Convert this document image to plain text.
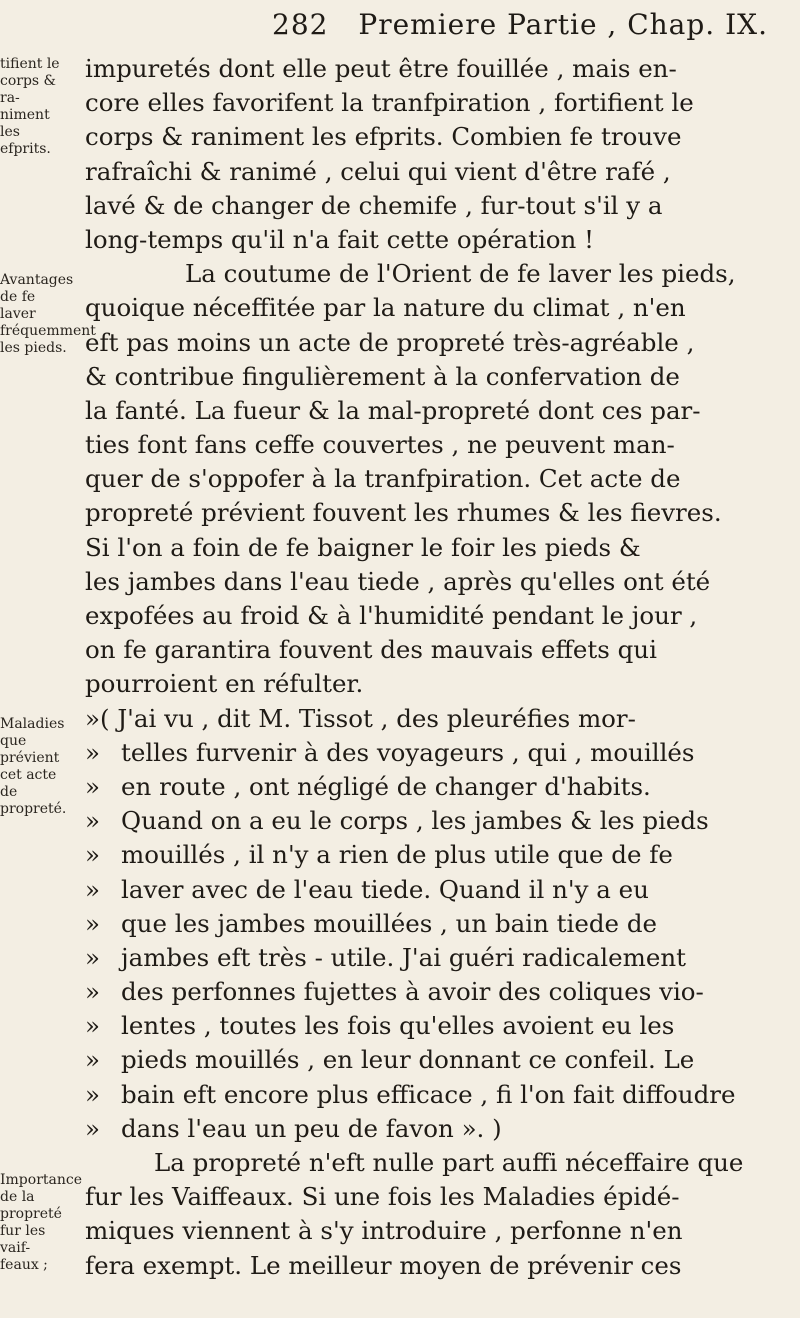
282 Premiere Partie , Chap. IX.
tifient le
corps & ra-
niment les
efprits.
Avantages
de fe laver
fréquemment
les pieds.
Maladies
que prévient
cet acte de
propreté.
Importance
de la propreté
fur les vaif-
feaux ;
impuretés dont elle peut être fouillée , mais en-
core elles favorifent la tranfpiration , fortifient le
corps & raniment les efprits. Combien fe trouve
rafraîchi & ranimé , celui qui vient d'être rafé ,
lavé & de changer de chemife , fur-tout s'il y a
long-temps qu'il n'a fait cette opération !
La coutume de l'Orient de fe laver les pieds,
quoique néceffitée par la nature du climat , n'en
eft pas moins un acte de propreté très-agréable ,
& contribue fingulièrement à la confervation de
la fanté. La fueur & la mal-propreté dont ces par-
ties font fans ceffe couvertes , ne peuvent man-
quer de s'oppofer à la tranfpiration. Cet acte de
propreté prévient fouvent les rhumes & les fievres.
Si l'on a foin de fe baigner le foir les pieds &
les jambes dans l'eau tiede , après qu'elles ont été
expofées au froid & à l'humidité pendant le jour ,
on fe garantira fouvent des mauvais effets qui
pourroient en réfulter.
»( J'ai vu , dit M. Tissot , des pleuréfies mor-
» telles furvenir à des voyageurs , qui , mouillés
» en route , ont négligé de changer d'habits.
» Quand on a eu le corps , les jambes & les pieds
» mouillés , il n'y a rien de plus utile que de fe
» laver avec de l'eau tiede. Quand il n'y a eu
» que les jambes mouillées , un bain tiede de
» jambes eft très - utile. J'ai guéri radicalement
» des perfonnes fujettes à avoir des coliques vio-
» lentes , toutes les fois qu'elles avoient eu les
» pieds mouillés , en leur donnant ce confeil. Le
» bain eft encore plus efficace , fi l'on fait diffoudre
» dans l'eau un peu de favon ». )
La propreté n'eft nulle part auffi néceffaire que
fur les Vaiffeaux. Si une fois les Maladies épidé-
miques viennent à s'y introduire , perfonne n'en
fera exempt. Le meilleur moyen de prévenir ces
